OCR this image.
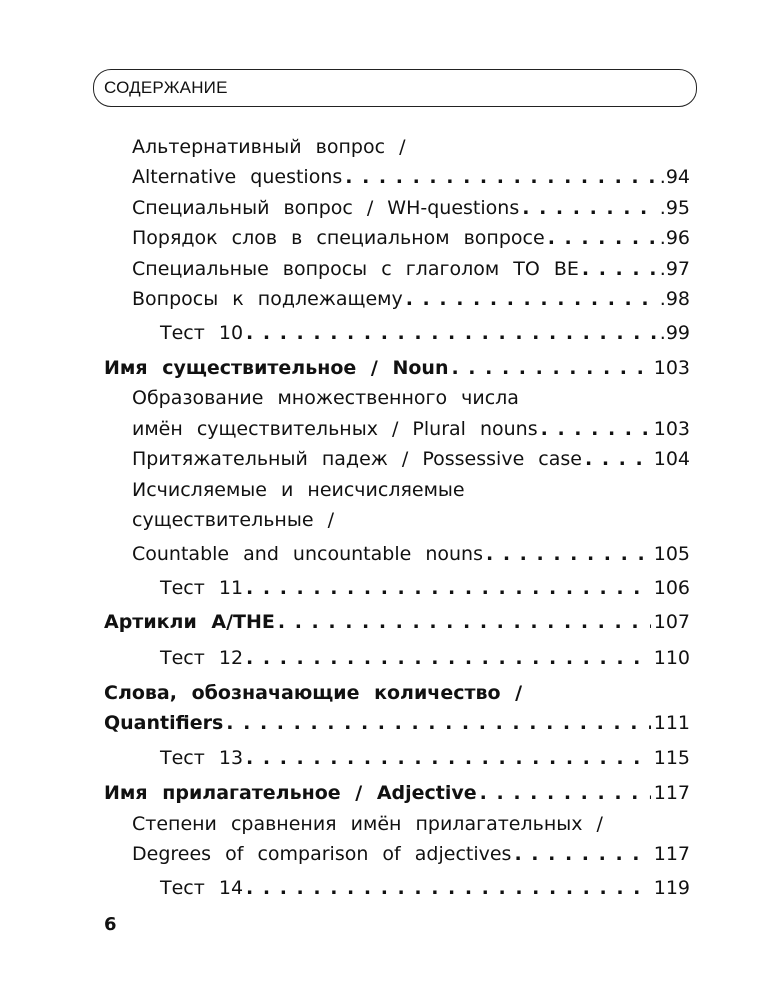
СОДЕРЖАНИЕ
Альтернативный вопрос /
Alternative questions . . .	.94
Специальный вопрос / WH-questions . . .	.95
Порядок слов в специальном вопросе . . .	.96
Специальные вопросы с глаголом TO BE . . .	.97
Вопросы к подлежащему . . .	.98
Тест 10 . . .	.99
Имя существительное / Noun . . .	103
Образование множественного числа
имён существительных / Plural nouns . . .	103
Притяжательный падеж / Possessive case . . .	104
Исчисляемые и неисчисляемые
существительные /
Countable and uncountable nouns . . .	105
Тест 11 . . .	106
Артикли A/THE . . .	107
Тест 12 . . .	110
Слова, обозначающие количество /
Quantifiers . . .	111
Тест 13 . . .	115
Имя прилагательное / Adjective . . .	117
Степени сравнения имён прилагательных /
Degrees of comparison of adjectives . . .	117
Тест 14 . . .	119
6
